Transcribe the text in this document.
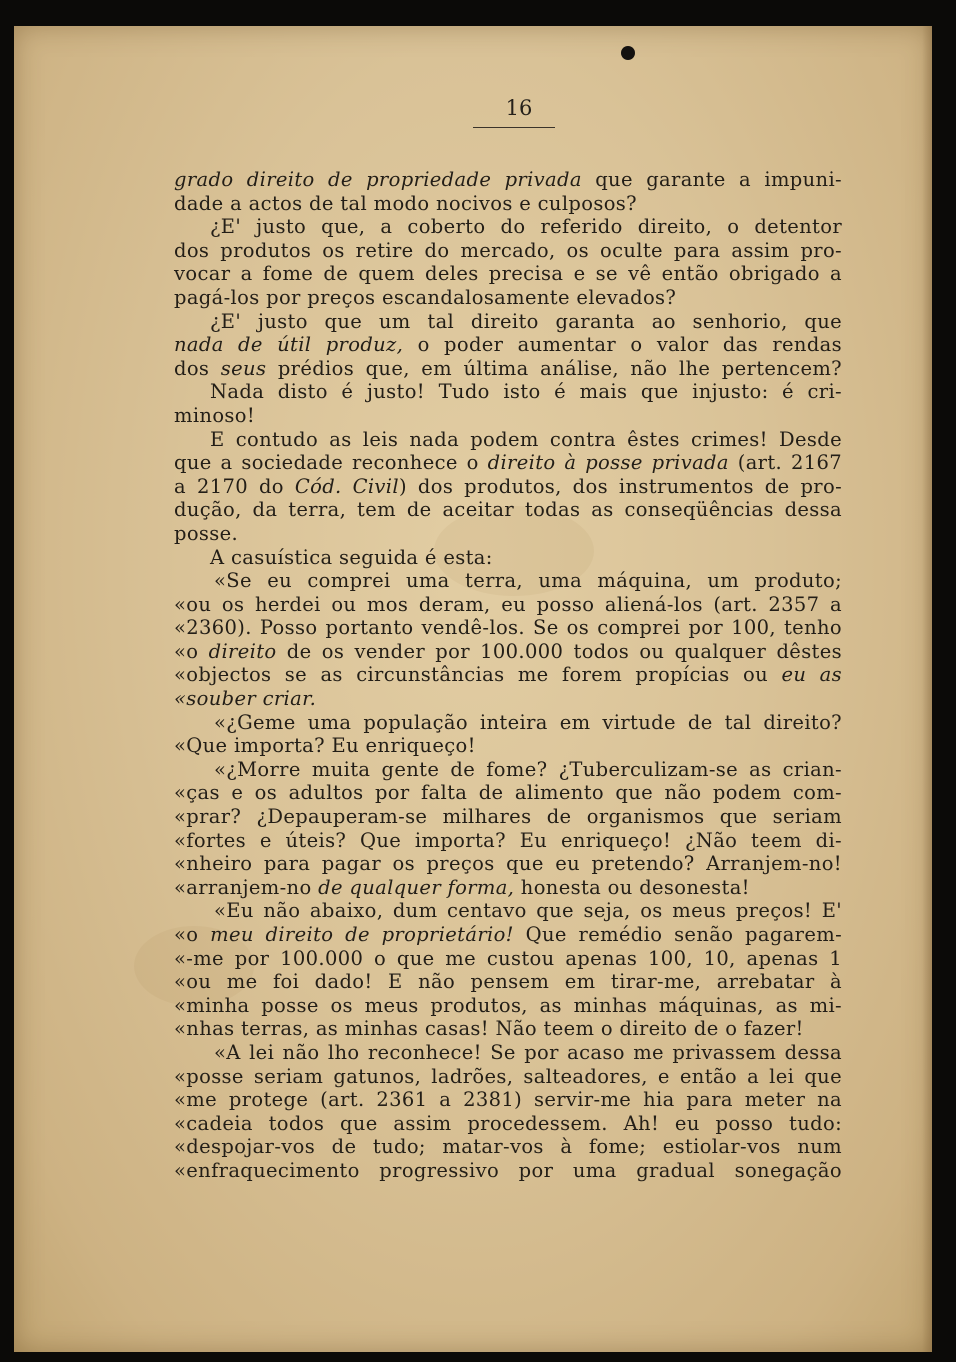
16
grado direito de propriedade privada que garante a impuni-
dade a actos de tal modo nocivos e culposos?
¿E' justo que, a coberto do referido direito, o detentor
dos produtos os retire do mercado, os oculte para assim pro-
vocar a fome de quem deles precisa e se vê então obrigado a
pagá-los por preços escandalosamente elevados?
¿E' justo que um tal direito garanta ao senhorio, que
nada de útil produz, o poder aumentar o valor das rendas
dos seus prédios que, em última análise, não lhe pertencem?
Nada disto é justo! Tudo isto é mais que injusto: é cri-
minoso!
E contudo as leis nada podem contra êstes crimes! Desde
que a sociedade reconhece o direito à posse privada (art. 2167
a 2170 do Cód. Civil) dos produtos, dos instrumentos de pro-
dução, da terra, tem de aceitar todas as conseqüências dessa
posse.
A casuística seguida é esta:
«Se eu comprei uma terra, uma máquina, um produto;
«ou os herdei ou mos deram, eu posso aliená-los (art. 2357 a
«2360). Posso portanto vendê-los. Se os comprei por 100, tenho
«o direito de os vender por 100.000 todos ou qualquer dêstes
«objectos se as circunstâncias me forem propícias ou eu as
«souber criar.
«¿Geme uma população inteira em virtude de tal direito?
«Que importa? Eu enriqueço!
«¿Morre muita gente de fome? ¿Tuberculizam-se as crian-
«ças e os adultos por falta de alimento que não podem com-
«prar? ¿Depauperam-se milhares de organismos que seriam
«fortes e úteis? Que importa? Eu enriqueço! ¿Não teem di-
«nheiro para pagar os preços que eu pretendo? Arranjem-no!
«arranjem-no de qualquer forma, honesta ou desonesta!
«Eu não abaixo, dum centavo que seja, os meus preços! E'
«o meu direito de proprietário! Que remédio senão pagarem-
«-me por 100.000 o que me custou apenas 100, 10, apenas 1
«ou me foi dado! E não pensem em tirar-me, arrebatar à
«minha posse os meus produtos, as minhas máquinas, as mi-
«nhas terras, as minhas casas! Não teem o direito de o fazer!
«A lei não lho reconhece! Se por acaso me privassem dessa
«posse seriam gatunos, ladrões, salteadores, e então a lei que
«me protege (art. 2361 a 2381) servir-me hia para meter na
«cadeia todos que assim procedessem. Ah! eu posso tudo:
«despojar-vos de tudo; matar-vos à fome; estiolar-vos num
«enfraquecimento progressivo por uma gradual sonegação
